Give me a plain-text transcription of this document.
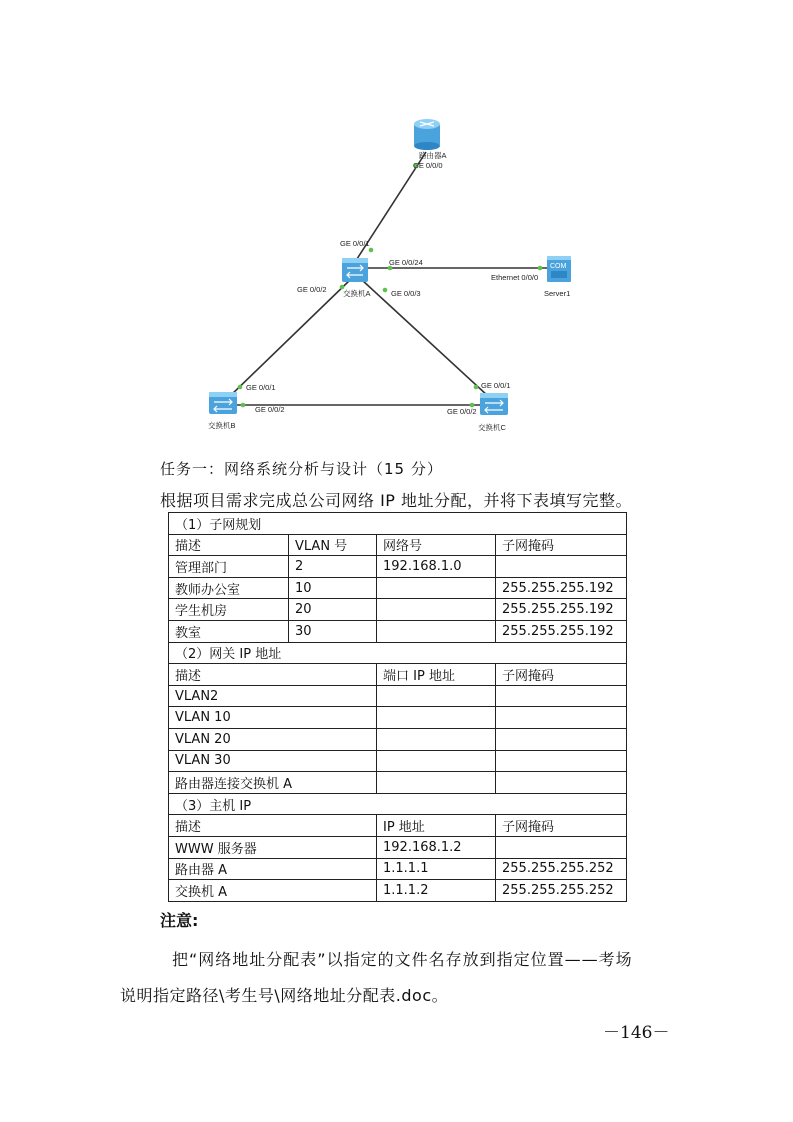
路由器A
GE 0/0/0
交换机A
GE 0/0/1
GE 0/0/24
GE 0/0/2	GE 0/0/3
COM
Ethernet 0/0/0
Server1
交换机B
GE 0/0/1
GE 0/0/2
交换机C
GE 0/0/1
GE 0/0/2
任务一：网络系统分析与设计（15 分）
根据项目需求完成总公司网络 IP 地址分配，并将下表填写完整。
（1）子网规划			
描述	VLAN 号	网络号	子网掩码
管理部门	2	192.168.1.0	
教师办公室	10		255.255.255.192
学生机房	20		255.255.255.192
教室	30		255.255.255.192
（2）网关 IP 地址			
描述		端口 IP 地址	子网掩码
VLAN2			
VLAN 10			
VLAN 20			
VLAN 30			
路由器连接交换机 A			
（3）主机 IP			
描述		IP 地址	子网掩码
WWW 服务器		192.168.1.2	
路由器 A		1.1.1.1	255.255.255.252
交换机 A		1.1.1.2	255.255.255.252
注意:
把“网络地址分配表”以指定的文件名存放到指定位置——考场
说明指定路径\考生号\网络地址分配表.doc。
－146－
